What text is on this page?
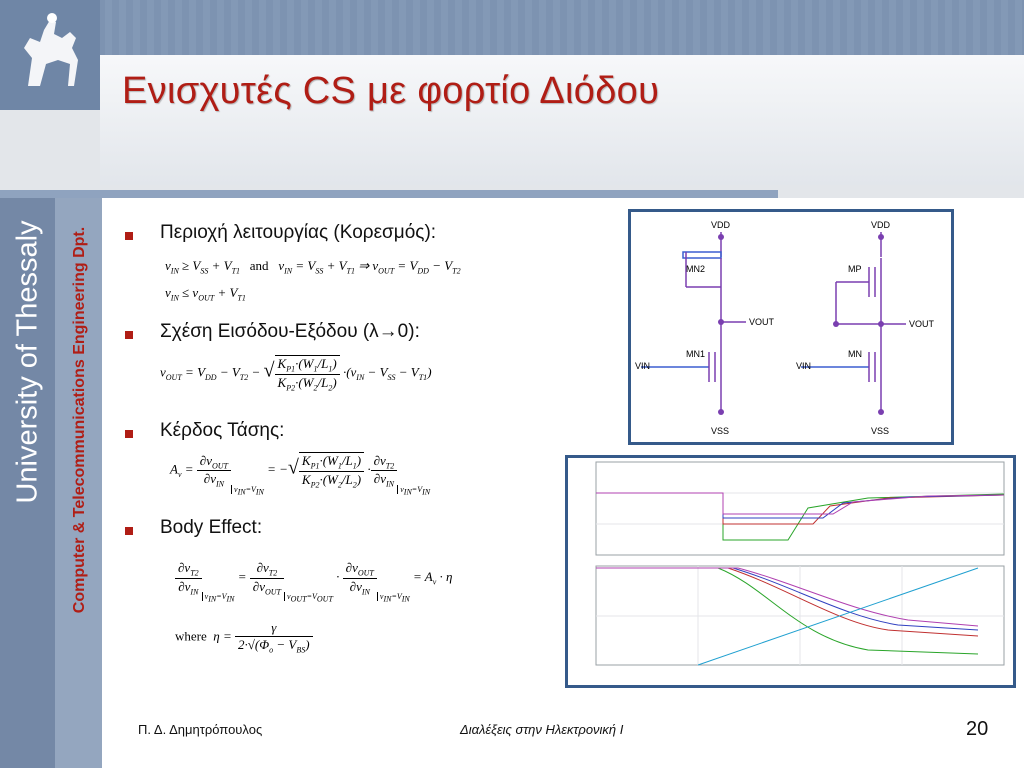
Ενισχυτές CS με φορτίο Διόδου
University of Thessaly Computer & Telecommunications Engineering Dpt.	Περιοχή λειτουργίας (Κορεσμός):
$v_{IN} \ge V_{SS} + V_{T1}$ and   $v_{IN} = V_{SS} + V_{T1}$ ⇒ $v_{OUT} = V_{DD} - V_{T2}$
$v_{IN} \le v_{OUT} + V_{T1}$
Σχέση Εισόδου-Εξόδου (λ→0):
$v_{OUT} = V_{DD} - V_{T2}$ − √ $\frac{K_{P1}\cdot(W_1/L_1)}{K_{P2}\cdot(W_2/L_2)} \cdot(v_{IN} - V_{SS} - V_{T1})$
Κέρδος Τάσης:
$A_v = \frac{\partial v_{OUT}}{\partial v_{IN}}$
$_{v_{IN}=V_{IN}}$ = −√ $\frac{K_{P1}\cdot(W_1/L_1)}{K_{P2}\cdot(W_2/L_2)} \cdot \frac{\partial v_{T2}}{\partial v_{IN}}$
$_{v_{IN}=V_{IN}}$
Body Effect:
$\frac{\partial v_{T2}}{\partial v_{IN}}$
$_{v_{IN}=V_{IN}} = \frac{\partial v_{T2}}{\partial v_{OUT}}$
$_{v_{OUT}=V_{OUT}} \cdot \frac{\partial v_{OUT}}{\partial v_{IN}}$
$_{v_{IN}=V_{IN}} = A_v \cdot \eta$
where  $\eta = \frac{\gamma}{2\cdot√(\Phi_o - V_{BS})}$
VDD
VSS
MN2
MN1
VIN
VOUT
VDD
VSS
MP
MN
VIN
VOUT
Π. Δ. Δημητρόπουλος	Διαλέξεις στην Ηλεκτρονική Ι	20
